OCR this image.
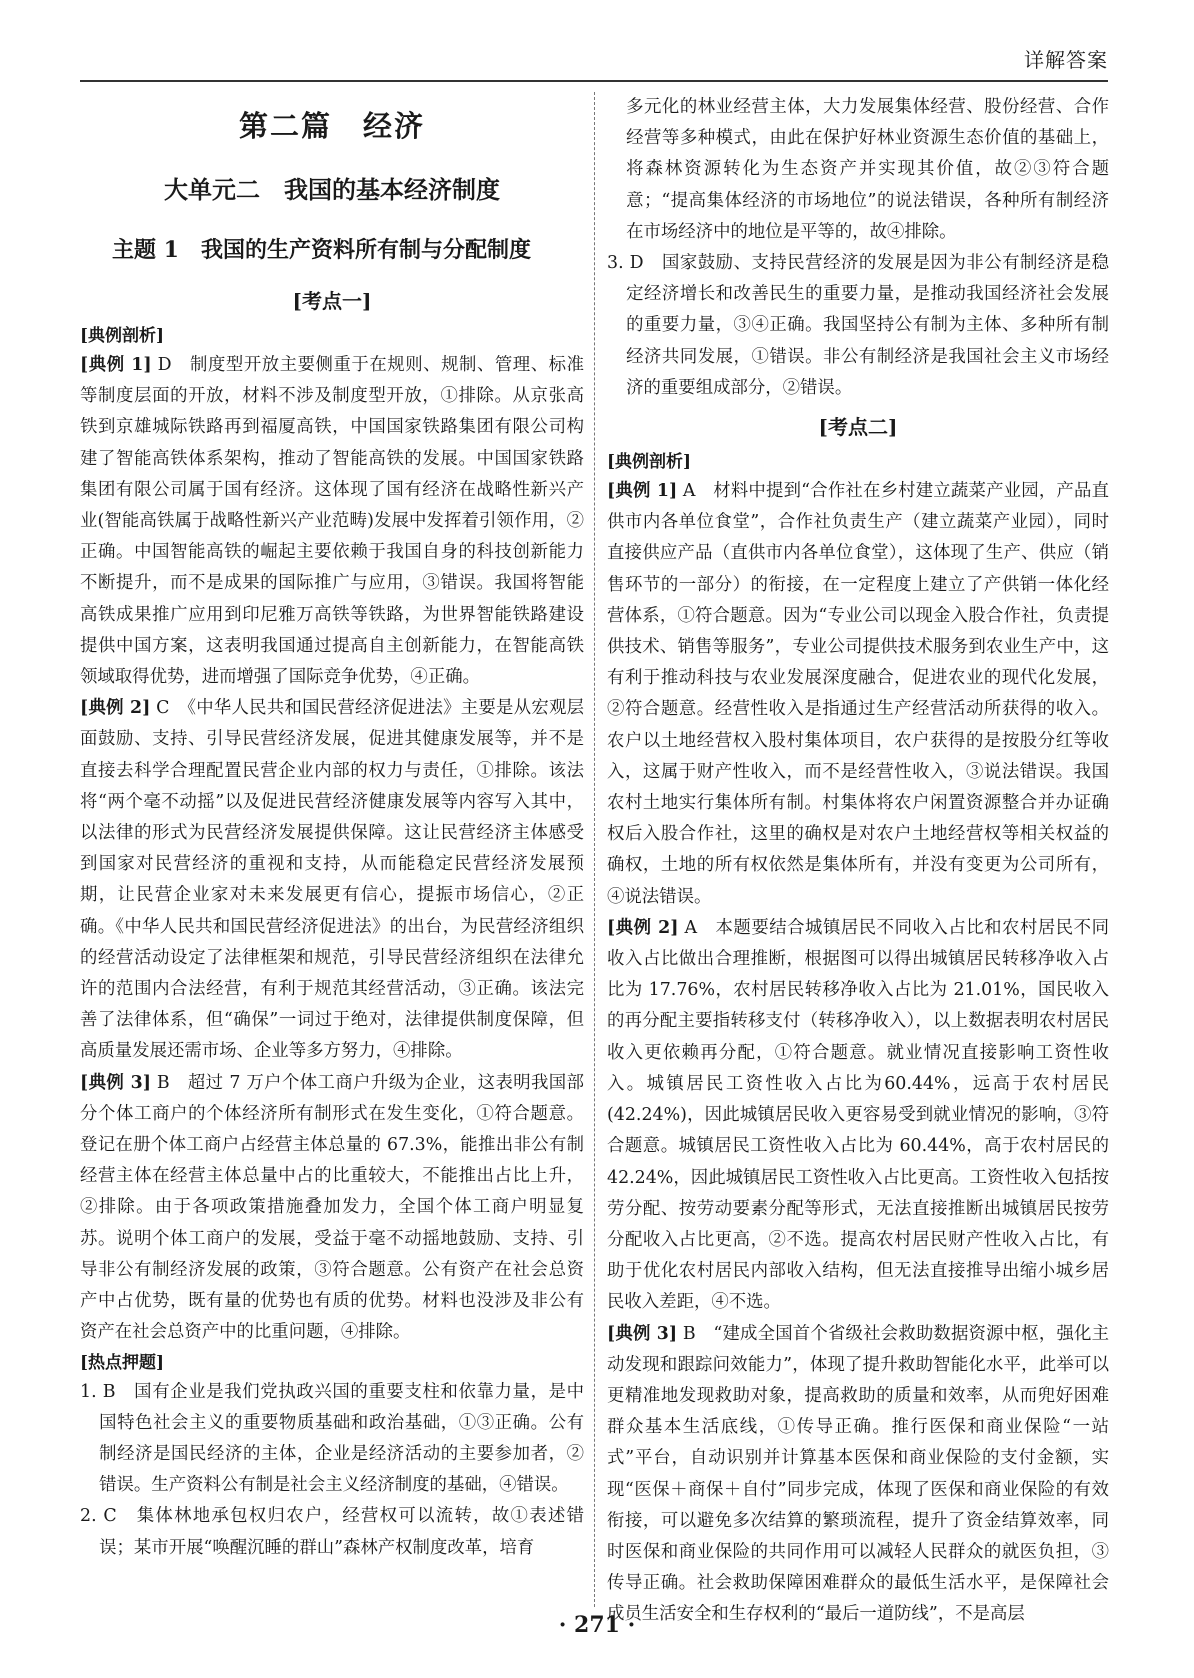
详解答案
第二篇　经济
大单元二　我国的基本经济制度
主题 1　我国的生产资料所有制与分配制度
[考点一]
[典例剖析]

[典例 1] D　制度型开放主要侧重于在规则、规制、管理、标准等制度层面的开放，材料不涉及制度型开放，①排除。从京张高铁到京雄城际铁路再到福厦高铁，中国国家铁路集团有限公司构建了智能高铁体系架构，推动了智能高铁的发展。中国国家铁路集团有限公司属于国有经济。这体现了国有经济在战略性新兴产业(智能高铁属于战略性新兴产业范畴)发展中发挥着引领作用，②正确。中国智能高铁的崛起主要依赖于我国自身的科技创新能力不断提升，而不是成果的国际推广与应用，③错误。我国将智能高铁成果推广应用到印尼雅万高铁等铁路，为世界智能铁路建设提供中国方案，这表明我国通过提高自主创新能力，在智能高铁领域取得优势，进而增强了国际竞争优势，④正确。

[典例 2] C　《中华人民共和国民营经济促进法》主要是从宏观层面鼓励、支持、引导民营经济发展，促进其健康发展等，并不是直接去科学合理配置民营企业内部的权力与责任，①排除。该法将“两个毫不动摇”以及促进民营经济健康发展等内容写入其中，以法律的形式为民营经济发展提供保障。这让民营经济主体感受到国家对民营经济的重视和支持，从而能稳定民营经济发展预期，让民营企业家对未来发展更有信心，提振市场信心，②正确。《中华人民共和国民营经济促进法》的出台，为民营经济组织的经营活动设定了法律框架和规范，引导民营经济组织在法律允许的范围内合法经营，有利于规范其经营活动，③正确。该法完善了法律体系，但“确保”一词过于绝对，法律提供制度保障，但高质量发展还需市场、企业等多方努力，④排除。

[典例 3] B　超过 7 万户个体工商户升级为企业，这表明我国部分个体工商户的个体经济所有制形式在发生变化，①符合题意。登记在册个体工商户占经营主体总量的 67.3%，能推出非公有制经营主体在经营主体总量中占的比重较大，不能推出占比上升，②排除。由于各项政策措施叠加发力，全国个体工商户明显复苏。说明个体工商户的发展，受益于毫不动摇地鼓励、支持、引导非公有制经济发展的政策，③符合题意。公有资产在社会总资产中占优势，既有量的优势也有质的优势。材料也没涉及非公有资产在社会总资产中的比重问题，④排除。

[热点押题]

1. B　国有企业是我们党执政兴国的重要支柱和依靠力量，是中国特色社会主义的重要物质基础和政治基础，①③正确。公有制经济是国民经济的主体，企业是经济活动的主要参加者，②错误。生产资料公有制是社会主义经济制度的基础，④错误。

2. C　集体林地承包权归农户，经营权可以流转，故①表述错误；某市开展“唤醒沉睡的群山”森林产权制度改革，培育

多元化的林业经营主体，大力发展集体经营、股份经营、合作经营等多种模式，由此在保护好林业资源生态价值的基础上，将森林资源转化为生态资产并实现其价值，故②③符合题意；“提高集体经济的市场地位”的说法错误，各种所有制经济在市场经济中的地位是平等的，故④排除。

3. D　国家鼓励、支持民营经济的发展是因为非公有制经济是稳定经济增长和改善民生的重要力量，是推动我国经济社会发展的重要力量，③④正确。我国坚持公有制为主体、多种所有制经济共同发展，①错误。非公有制经济是我国社会主义市场经济的重要组成部分，②错误。

[考点二]
[典例剖析]

[典例 1] A　材料中提到“合作社在乡村建立蔬菜产业园，产品直供市内各单位食堂”，合作社负责生产（建立蔬菜产业园），同时直接供应产品（直供市内各单位食堂），这体现了生产、供应（销售环节的一部分）的衔接，在一定程度上建立了产供销一体化经营体系，①符合题意。因为“专业公司以现金入股合作社，负责提供技术、销售等服务”，专业公司提供技术服务到农业生产中，这有利于推动科技与农业发展深度融合，促进农业的现代化发展，②符合题意。经营性收入是指通过生产经营活动所获得的收入。农户以土地经营权入股村集体项目，农户获得的是按股分红等收入，这属于财产性收入，而不是经营性收入，③说法错误。我国农村土地实行集体所有制。村集体将农户闲置资源整合并办证确权后入股合作社，这里的确权是对农户土地经营权等相关权益的确权，土地的所有权依然是集体所有，并没有变更为公司所有，④说法错误。

[典例 2] A　本题要结合城镇居民不同收入占比和农村居民不同收入占比做出合理推断，根据图可以得出城镇居民转移净收入占比为 17.76%，农村居民转移净收入占比为 21.01%，国民收入的再分配主要指转移支付（转移净收入），以上数据表明农村居民收入更依赖再分配，①符合题意。就业情况直接影响工资性收入。城镇居民工资性收入占比为60.44%，远高于农村居民(42.24%)，因此城镇居民收入更容易受到就业情况的影响，③符合题意。城镇居民工资性收入占比为 60.44%，高于农村居民的 42.24%，因此城镇居民工资性收入占比更高。工资性收入包括按劳分配、按劳动要素分配等形式，无法直接推断出城镇居民按劳分配收入占比更高，②不选。提高农村居民财产性收入占比，有助于优化农村居民内部收入结构，但无法直接推导出缩小城乡居民收入差距，④不选。

[典例 3] B　“建成全国首个省级社会救助数据资源中枢，强化主动发现和跟踪问效能力”，体现了提升救助智能化水平，此举可以更精准地发现救助对象，提高救助的质量和效率，从而兜好困难群众基本生活底线，①传导正确。推行医保和商业保险“一站式”平台，自动识别并计算基本医保和商业保险的支付金额，实现“医保＋商保＋自付”同步完成，体现了医保和商业保险的有效衔接，可以避免多次结算的繁琐流程，提升了资金结算效率，同时医保和商业保险的共同作用可以减轻人民群众的就医负担，③传导正确。社会救助保障困难群众的最低生活水平，是保障社会成员生活安全和生存权利的“最后一道防线”，不是高层

· 271 ·
